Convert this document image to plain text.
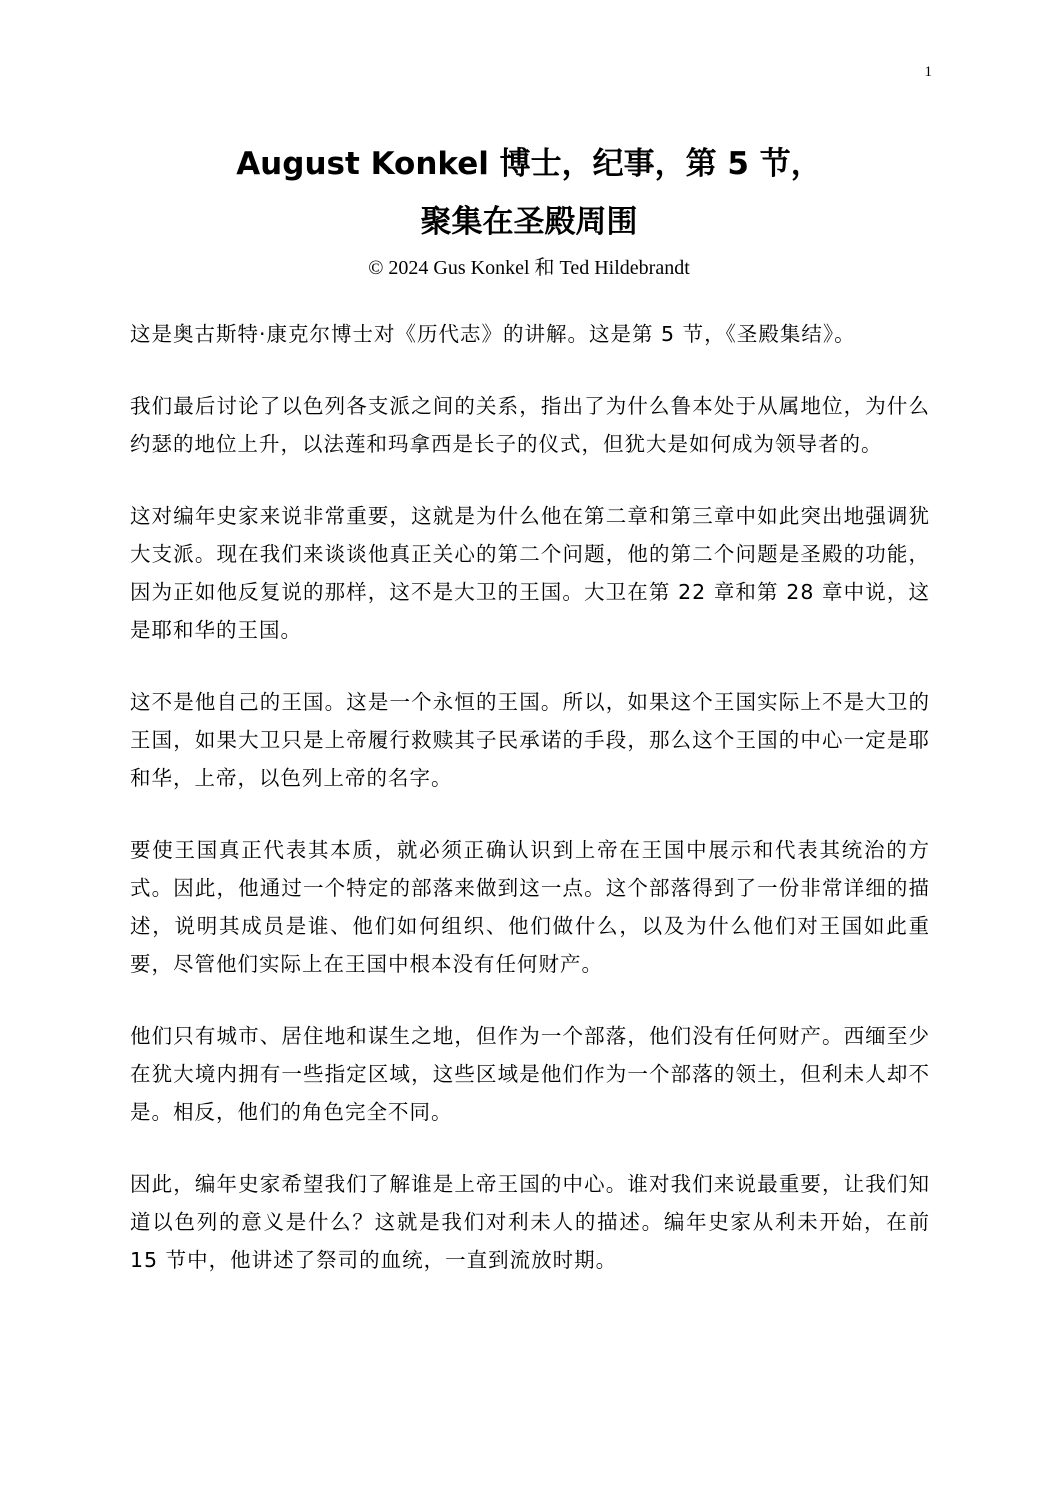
1
August Konkel 博士，纪事，第 5 节，
聚集在圣殿周围
© 2024 Gus Konkel 和 Ted Hildebrandt

这是奥古斯特·康克尔博士对《历代志》的讲解。这是第 5 节，《圣殿集结》。

我们最后讨论了以色列各支派之间的关系，指出了为什么鲁本处于从属地位，为什么约瑟的地位上升，以法莲和玛拿西是长子的仪式，但犹大是如何成为领导者的。

这对编年史家来说非常重要，这就是为什么他在第二章和第三章中如此突出地强调犹大支派。现在我们来谈谈他真正关心的第二个问题，他的第二个问题是圣殿的功能，因为正如他反复说的那样，这不是大卫的王国。大卫在第 22 章和第 28 章中说，这是耶和华的王国。

这不是他自己的王国。这是一个永恒的王国。所以，如果这个王国实际上不是大卫的王国，如果大卫只是上帝履行救赎其子民承诺的手段，那么这个王国的中心一定是耶和华，上帝，以色列上帝的名字。

要使王国真正代表其本质，就必须正确认识到上帝在王国中展示和代表其统治的方式。因此，他通过一个特定的部落来做到这一点。这个部落得到了一份非常详细的描述，说明其成员是谁、他们如何组织、他们做什么，以及为什么他们对王国如此重要，尽管他们实际上在王国中根本没有任何财产。

他们只有城市、居住地和谋生之地，但作为一个部落，他们没有任何财产。西缅至少在犹大境内拥有一些指定区域，这些区域是他们作为一个部落的领土，但利未人却不是。相反，他们的角色完全不同。

因此，编年史家希望我们了解谁是上帝王国的中心。谁对我们来说最重要，让我们知道以色列的意义是什么？这就是我们对利未人的描述。编年史家从利未开始，在前 15 节中，他讲述了祭司的血统，一直到流放时期。
